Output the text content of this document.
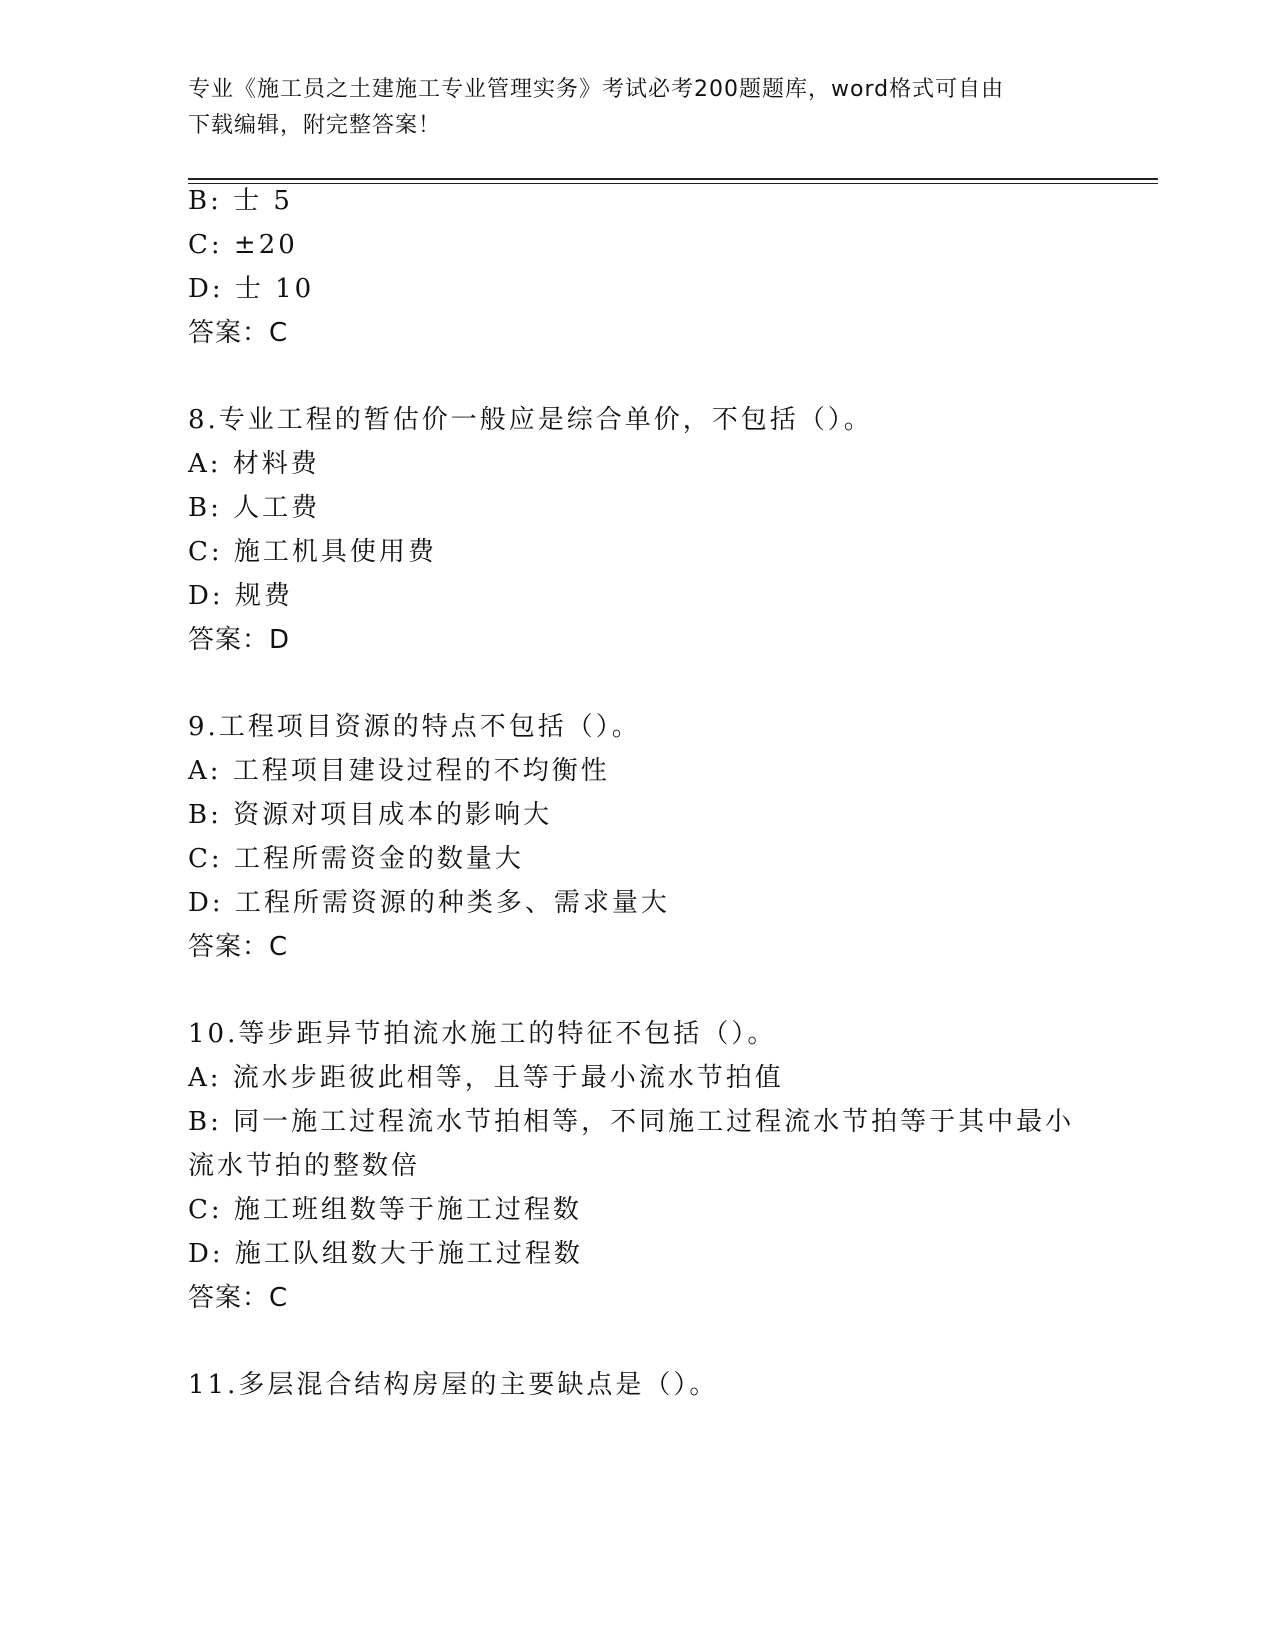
专业《施工员之土建施工专业管理实务》考试必考200题题库，word格式可自由
下载编辑，附完整答案！
B: 士 5
C: ±20
D: 士 10
答案：C
8.专业工程的暂估价一般应是综合单价，不包括（）。
A: 材料费
B: 人工费
C: 施工机具使用费
D: 规费
答案：D
9.工程项目资源的特点不包括（）。
A: 工程项目建设过程的不均衡性
B: 资源对项目成本的影响大
C: 工程所需资金的数量大
D: 工程所需资源的种类多、需求量大
答案：C
10.等步距异节拍流水施工的特征不包括（）。
A: 流水步距彼此相等，且等于最小流水节拍值
B: 同一施工过程流水节拍相等，不同施工过程流水节拍等于其中最小
流水节拍的整数倍
C: 施工班组数等于施工过程数
D: 施工队组数大于施工过程数
答案：C
11.多层混合结构房屋的主要缺点是（）。
